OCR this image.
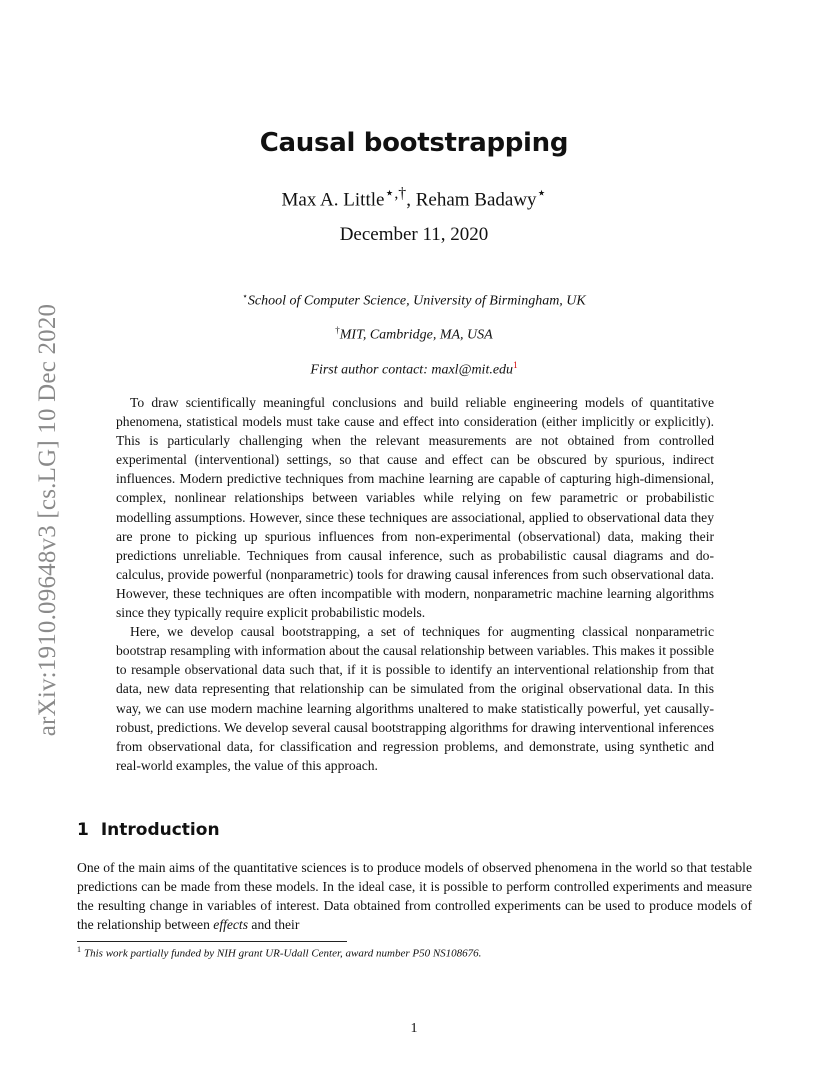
arXiv:1910.09648v3 [cs.LG] 10 Dec 2020
Causal bootstrapping
Max A. Little⋆,†, Reham Badawy⋆
December 11, 2020
⋆School of Computer Science, University of Birmingham, UK
†MIT, Cambridge, MA, USA
First author contact: maxl@mit.edu$^1$

To draw scientifically meaningful conclusions and build reliable engineering models of quantitative phenomena, statistical models must take cause and effect into consideration (either implicitly or explicitly). This is particularly challenging when the relevant measurements are not obtained from controlled experimental (interventional) settings, so that cause and effect can be obscured by spurious, indirect influences. Modern predictive techniques from machine learning are capable of capturing high-dimensional, complex, nonlinear relationships between variables while relying on few parametric or probabilistic modelling assumptions. However, since these techniques are associational, applied to observational data they are prone to picking up spurious influences from non-experimental (observational) data, making their predictions unreliable. Techniques from causal inference, such as probabilistic causal diagrams and do-calculus, provide powerful (nonparametric) tools for drawing causal inferences from such observational data. However, these techniques are often incompatible with modern, nonparametric machine learning algorithms since they typically require explicit probabilistic models.

Here, we develop causal bootstrapping, a set of techniques for augmenting classical nonparametric bootstrap resampling with information about the causal relationship between variables. This makes it possible to resample observational data such that, if it is possible to identify an interventional relationship from that data, new data representing that relationship can be simulated from the original observational data. In this way, we can use modern machine learning algorithms unaltered to make statistically powerful, yet causally-robust, predictions. We develop several causal bootstrapping algorithms for drawing interventional inferences from observational data, for classification and regression problems, and demonstrate, using synthetic and real-world examples, the value of this approach.

1 Introduction

One of the main aims of the quantitative sciences is to produce models of observed phenomena in the world so that testable predictions can be made from these models. In the ideal case, it is possible to perform controlled experiments and measure the resulting change in variables of interest. Data obtained from controlled experiments can be used to produce models of the relationship between effects and their

$^1$ This work partially funded by NIH grant UR-Udall Center, award number P50 NS108676.
1
